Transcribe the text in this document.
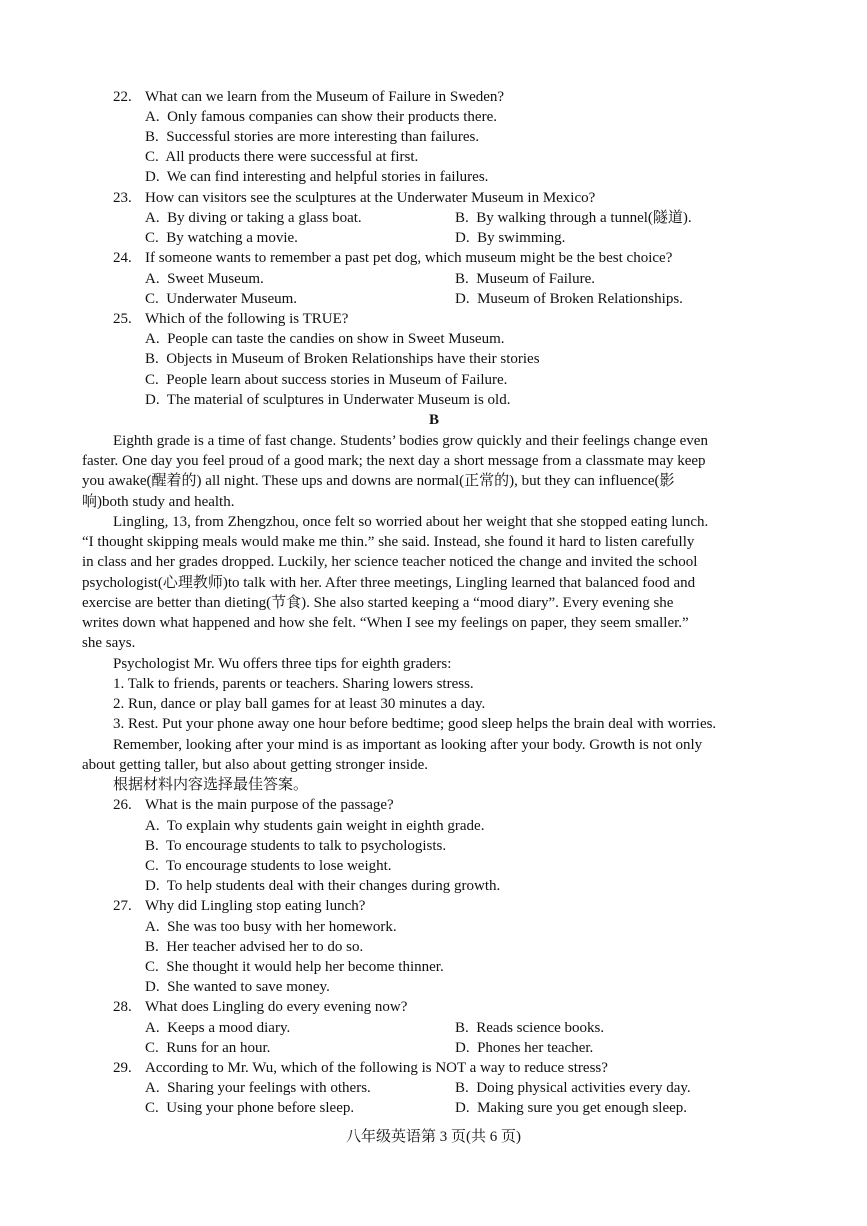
22. What can we learn from the Museum of Failure in Sweden?
A.  Only famous companies can show their products there.
B.  Successful stories are more interesting than failures.
C.  All products there were successful at first.
D.  We can find interesting and helpful stories in failures.
23. How can visitors see the sculptures at the Underwater Museum in Mexico?
A.  By diving or taking a glass boat.	B.  By walking through a tunnel(隧道).
C.  By watching a movie.	D.  By swimming.
24. If someone wants to remember a past pet dog, which museum might be the best choice?
A.  Sweet Museum.	B.  Museum of Failure.
C.  Underwater Museum.	D.  Museum of Broken Relationships.
25. Which of the following is TRUE?
A.  People can taste the candies on show in Sweet Museum.
B.  Objects in Museum of Broken Relationships have their stories
C.  People learn about success stories in Museum of Failure.
D.  The material of sculptures in Underwater Museum is old.
B
Eighth grade is a time of fast change. Students’ bodies grow quickly and their feelings change even
faster. One day you feel proud of a good mark; the next day a short message from a classmate may keep
you awake(醒着的) all night. These ups and downs are normal(正常的), but they can influence(影
响)both study and health.
Lingling, 13, from Zhengzhou, once felt so worried about her weight that she stopped eating lunch.
“I thought skipping meals would make me thin.” she said. Instead, she found it hard to listen carefully
in class and her grades dropped. Luckily, her science teacher noticed the change and invited the school
psychologist(心理教师)to talk with her. After three meetings, Lingling learned that balanced food and
exercise are better than dieting(节食). She also started keeping a “mood diary”. Every evening she
writes down what happened and how she felt. “When I see my feelings on paper, they seem smaller.”
she says.
Psychologist Mr. Wu offers three tips for eighth graders:
1. Talk to friends, parents or teachers. Sharing lowers stress.
2. Run, dance or play ball games for at least 30 minutes a day.
3. Rest. Put your phone away one hour before bedtime; good sleep helps the brain deal with worries.
Remember, looking after your mind is as important as looking after your body. Growth is not only
about getting taller, but also about getting stronger inside.
根据材料内容选择最佳答案。
26. What is the main purpose of the passage?
A.  To explain why students gain weight in eighth grade.
B.  To encourage students to talk to psychologists.
C.  To encourage students to lose weight.
D.  To help students deal with their changes during growth.
27. Why did Lingling stop eating lunch?
A.  She was too busy with her homework.
B.  Her teacher advised her to do so.
C.  She thought it would help her become thinner.
D.  She wanted to save money.
28. What does Lingling do every evening now?
A.  Keeps a mood diary.	B.  Reads science books.
C.  Runs for an hour.	D.  Phones her teacher.
29. According to Mr. Wu, which of the following is NOT a way to reduce stress?
A.  Sharing your feelings with others.	B.  Doing physical activities every day.
C.  Using your phone before sleep.	D.  Making sure you get enough sleep.
八年级英语第 3 页(共 6 页)
